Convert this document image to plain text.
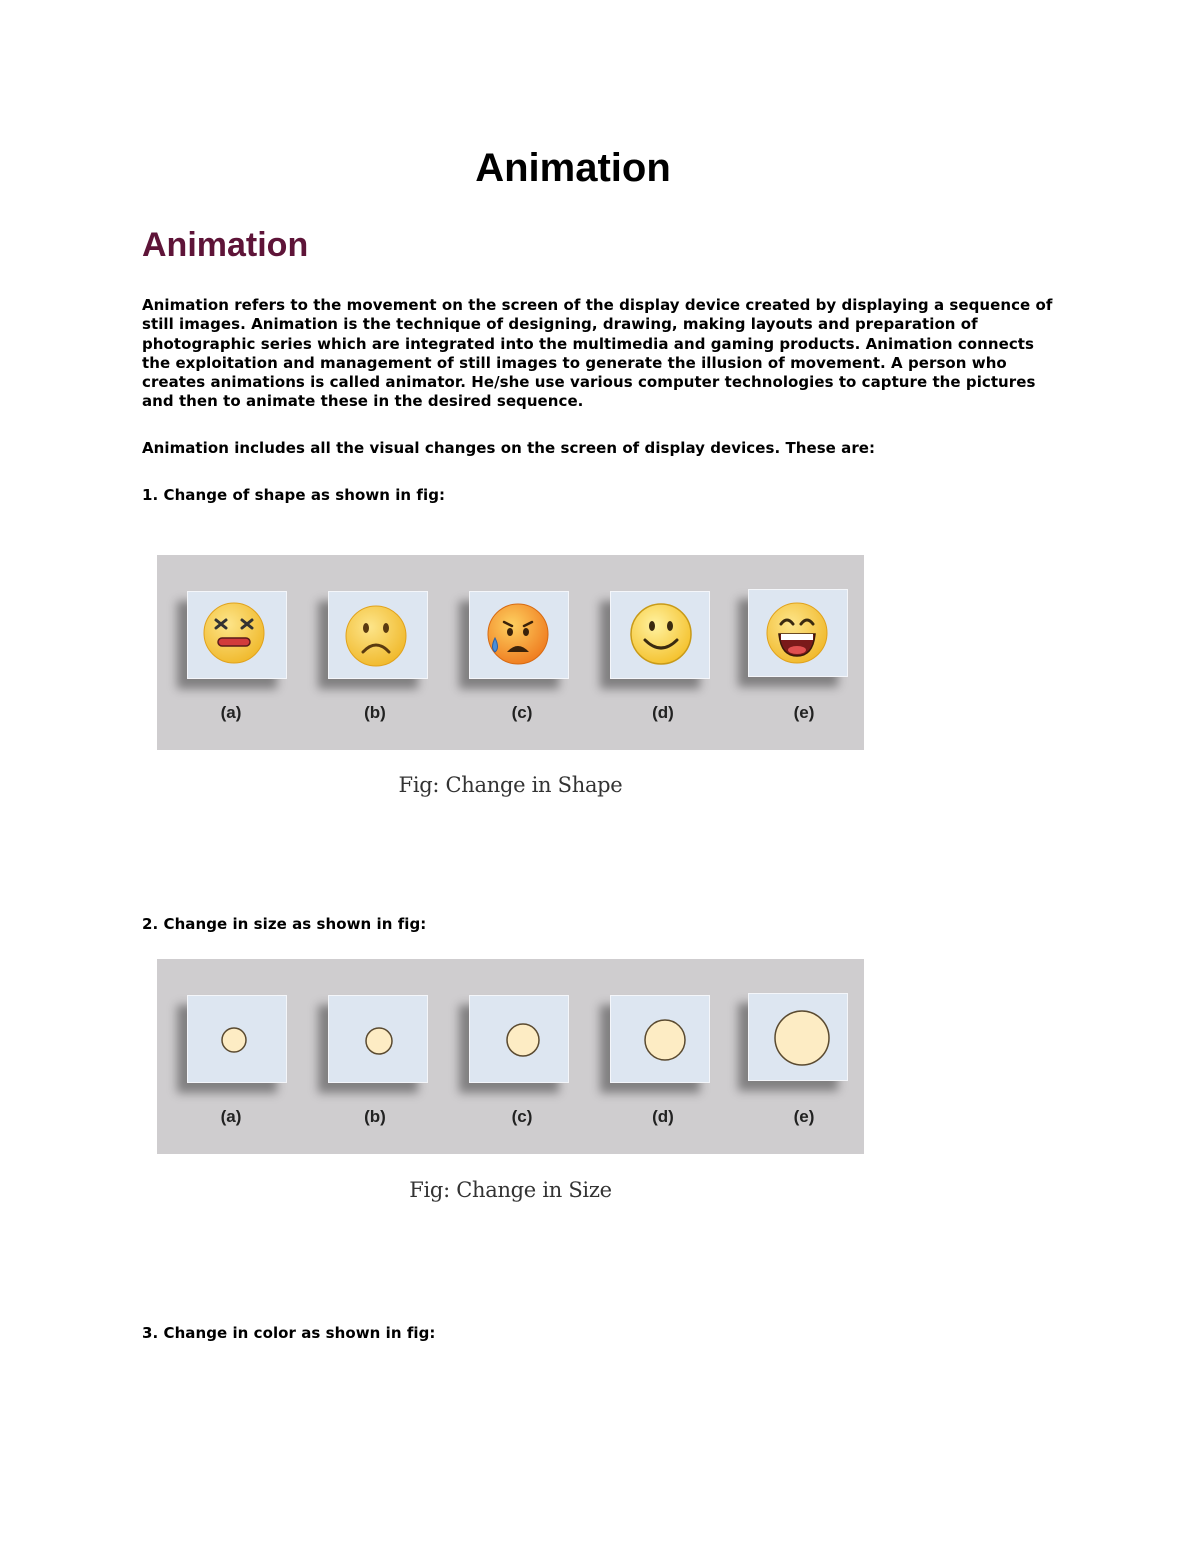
Animation
Animation

Animation refers to the movement on the screen of the display device created by displaying a sequence of still images. Animation is the technique of designing, drawing, making layouts and preparation of photographic series which are integrated into the multimedia and gaming products. Animation connects the exploitation and management of still images to generate the illusion of movement. A person who creates animations is called animator. He/she use various computer technologies to capture the pictures and then to animate these in the desired sequence.

Animation includes all the visual changes on the screen of display devices. These are:

1. Change of shape as shown in fig:

(a)	(b)	(c)	(d)	(e)
Fig: Change in Shape

2. Change in size as shown in fig:

(a)	(b)	(c)	(d)	(e)
Fig: Change in Size

3. Change in color as shown in fig:
